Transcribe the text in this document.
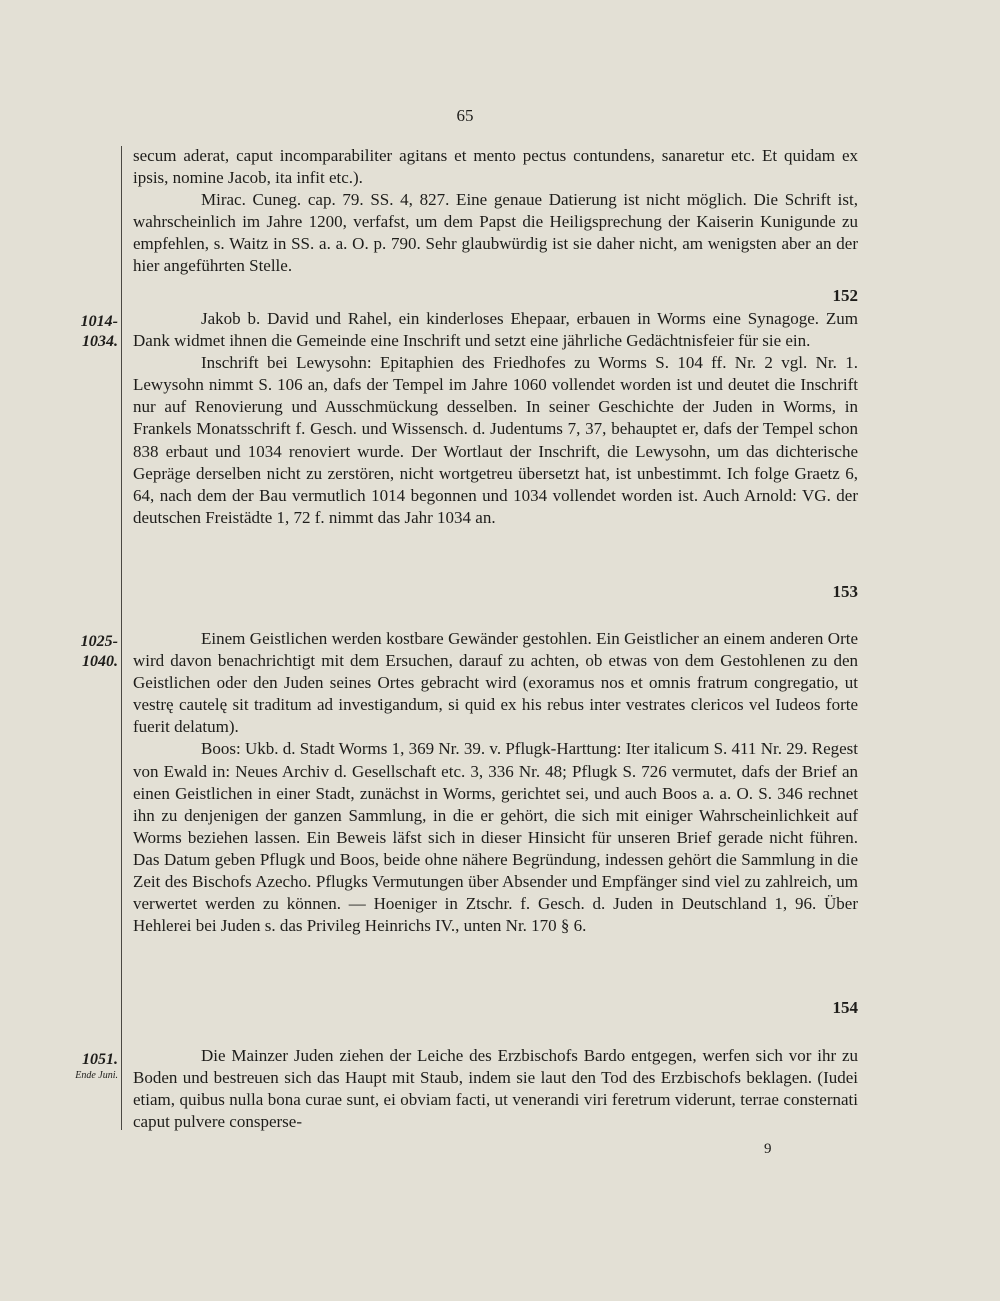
65

secum aderat, caput incomparabiliter agitans et mento pectus contundens, sanaretur etc. Et quidam ex ipsis, nomine Jacob, ita infit etc.).

Mirac. Cuneg. cap. 79. SS. 4, 827. Eine genaue Datierung ist nicht möglich. Die Schrift ist, wahrscheinlich im Jahre 1200, verfafst, um dem Papst die Heiligsprechung der Kaiserin Kunigunde zu empfehlen, s. Waitz in SS. a. a. O. p. 790. Sehr glaubwürdig ist sie daher nicht, am wenigsten aber an der hier angeführten Stelle.

152
1014-
1034.

Jakob b. David und Rahel, ein kinderloses Ehepaar, erbauen in Worms eine Synagoge. Zum Dank widmet ihnen die Gemeinde eine Inschrift und setzt eine jährliche Gedächtnisfeier für sie ein.

Inschrift bei Lewysohn: Epitaphien des Friedhofes zu Worms S. 104 ff. Nr. 2 vgl. Nr. 1. Lewysohn nimmt S. 106 an, dafs der Tempel im Jahre 1060 vollendet worden ist und deutet die Inschrift nur auf Renovierung und Ausschmückung desselben. In seiner Geschichte der Juden in Worms, in Frankels Monatsschrift f. Gesch. und Wissensch. d. Judentums 7, 37, behauptet er, dafs der Tempel schon 838 erbaut und 1034 renoviert wurde. Der Wortlaut der Inschrift, die Lewysohn, um das dichterische Gepräge derselben nicht zu zerstören, nicht wortgetreu übersetzt hat, ist unbestimmt. Ich folge Graetz 6, 64, nach dem der Bau vermutlich 1014 begonnen und 1034 vollendet worden ist. Auch Arnold: VG. der deutschen Freistädte 1, 72 f. nimmt das Jahr 1034 an.

153
1025-
1040.

Einem Geistlichen werden kostbare Gewänder gestohlen. Ein Geistlicher an einem anderen Orte wird davon benachrichtigt mit dem Ersuchen, darauf zu achten, ob etwas von dem Gestohlenen zu den Geistlichen oder den Juden seines Ortes gebracht wird (exoramus nos et omnis fratrum congregatio, ut vestrę cautelę sit traditum ad investigandum, si quid ex his rebus inter vestrates clericos vel Iudeos forte fuerit delatum).

Boos: Ukb. d. Stadt Worms 1, 369 Nr. 39. v. Pflugk-Harttung: Iter italicum S. 411 Nr. 29. Regest von Ewald in: Neues Archiv d. Gesellschaft etc. 3, 336 Nr. 48; Pflugk S. 726 vermutet, dafs der Brief an einen Geistlichen in einer Stadt, zunächst in Worms, gerichtet sei, und auch Boos a. a. O. S. 346 rechnet ihn zu denjenigen der ganzen Sammlung, in die er gehört, die sich mit einiger Wahrscheinlichkeit auf Worms beziehen lassen. Ein Beweis läfst sich in dieser Hinsicht für unseren Brief gerade nicht führen. Das Datum geben Pflugk und Boos, beide ohne nähere Begründung, indessen gehört die Sammlung in die Zeit des Bischofs Azecho. Pflugks Vermutungen über Absender und Empfänger sind viel zu zahlreich, um verwertet werden zu können. — Hoeniger in Ztschr. f. Gesch. d. Juden in Deutschland 1, 96. Über Hehlerei bei Juden s. das Privileg Heinrichs IV., unten Nr. 170 § 6.

154
1051.
Ende Juni.

Die Mainzer Juden ziehen der Leiche des Erzbischofs Bardo entgegen, werfen sich vor ihr zu Boden und bestreuen sich das Haupt mit Staub, indem sie laut den Tod des Erzbischofs beklagen. (Iudei etiam, quibus nulla bona curae sunt, ei obviam facti, ut venerandi viri feretrum viderunt, terrae consternati caput pulvere consperse-

9
